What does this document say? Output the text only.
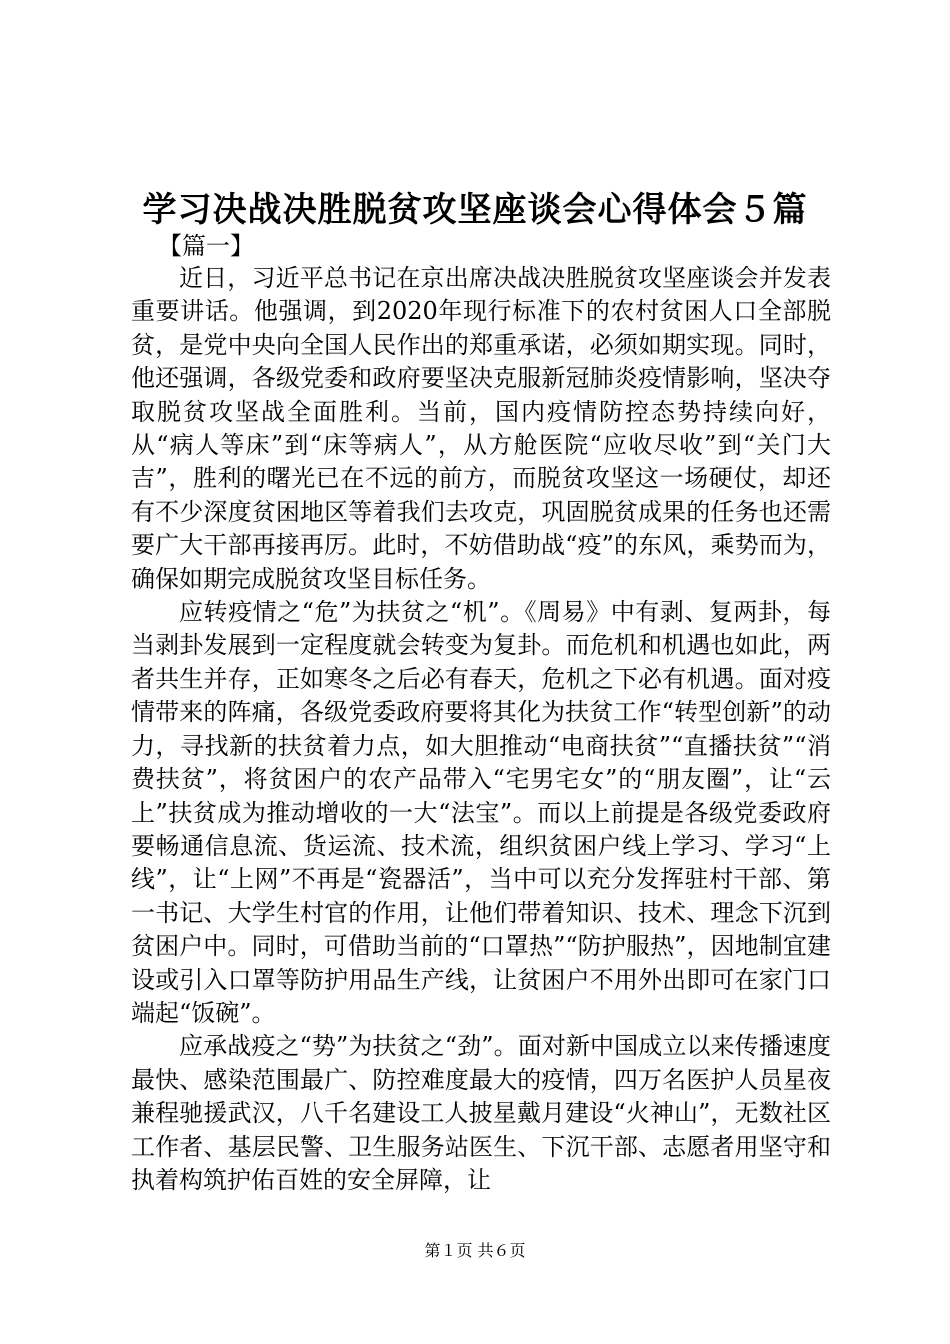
学习决战决胜脱贫攻坚座谈会心得体会５篇
【篇一】

近日，习近平总书记在京出席决战决胜脱贫攻坚座谈会并发表重要讲话。他强调，到2020年现行标准下的农村贫困人口全部脱贫，是党中央向全国人民作出的郑重承诺，必须如期实现。同时，他还强调，各级党委和政府要坚决克服新冠肺炎疫情影响，坚决夺取脱贫攻坚战全面胜利。当前，国内疫情防控态势持续向好，从“病人等床”到“床等病人”，从方舱医院“应收尽收”到“关门大吉”，胜利的曙光已在不远的前方，而脱贫攻坚这一场硬仗，却还有不少深度贫困地区等着我们去攻克，巩固脱贫成果的任务也还需要广大干部再接再厉。此时，不妨借助战“疫”的东风，乘势而为，确保如期完成脱贫攻坚目标任务。

应转疫情之“危”为扶贫之“机”。《周易》中有剥、复两卦，每当剥卦发展到一定程度就会转变为复卦。而危机和机遇也如此，两者共生并存，正如寒冬之后必有春天，危机之下必有机遇。面对疫情带来的阵痛，各级党委政府要将其化为扶贫工作“转型创新”的动力，寻找新的扶贫着力点，如大胆推动“电商扶贫”“直播扶贫”“消费扶贫”，将贫困户的农产品带入“宅男宅女”的“朋友圈”，让“云上”扶贫成为推动增收的一大“法宝”。而以上前提是各级党委政府要畅通信息流、货运流、技术流，组织贫困户线上学习、学习“上线”，让“上网”不再是“瓷器活”，当中可以充分发挥驻村干部、第一书记、大学生村官的作用，让他们带着知识、技术、理念下沉到贫困户中。同时，可借助当前的“口罩热”“防护服热”，因地制宜建设或引入口罩等防护用品生产线，让贫困户不用外出即可在家门口端起“饭碗”。

应承战疫之“势”为扶贫之“劲”。面对新中国成立以来传播速度最快、感染范围最广、防控难度最大的疫情，四万名医护人员星夜兼程驰援武汉，八千名建设工人披星戴月建设“火神山”，无数社区工作者、基层民警、卫生服务站医生、下沉干部、志愿者用坚守和执着构筑护佑百姓的安全屏障，让

第１页 共６页
